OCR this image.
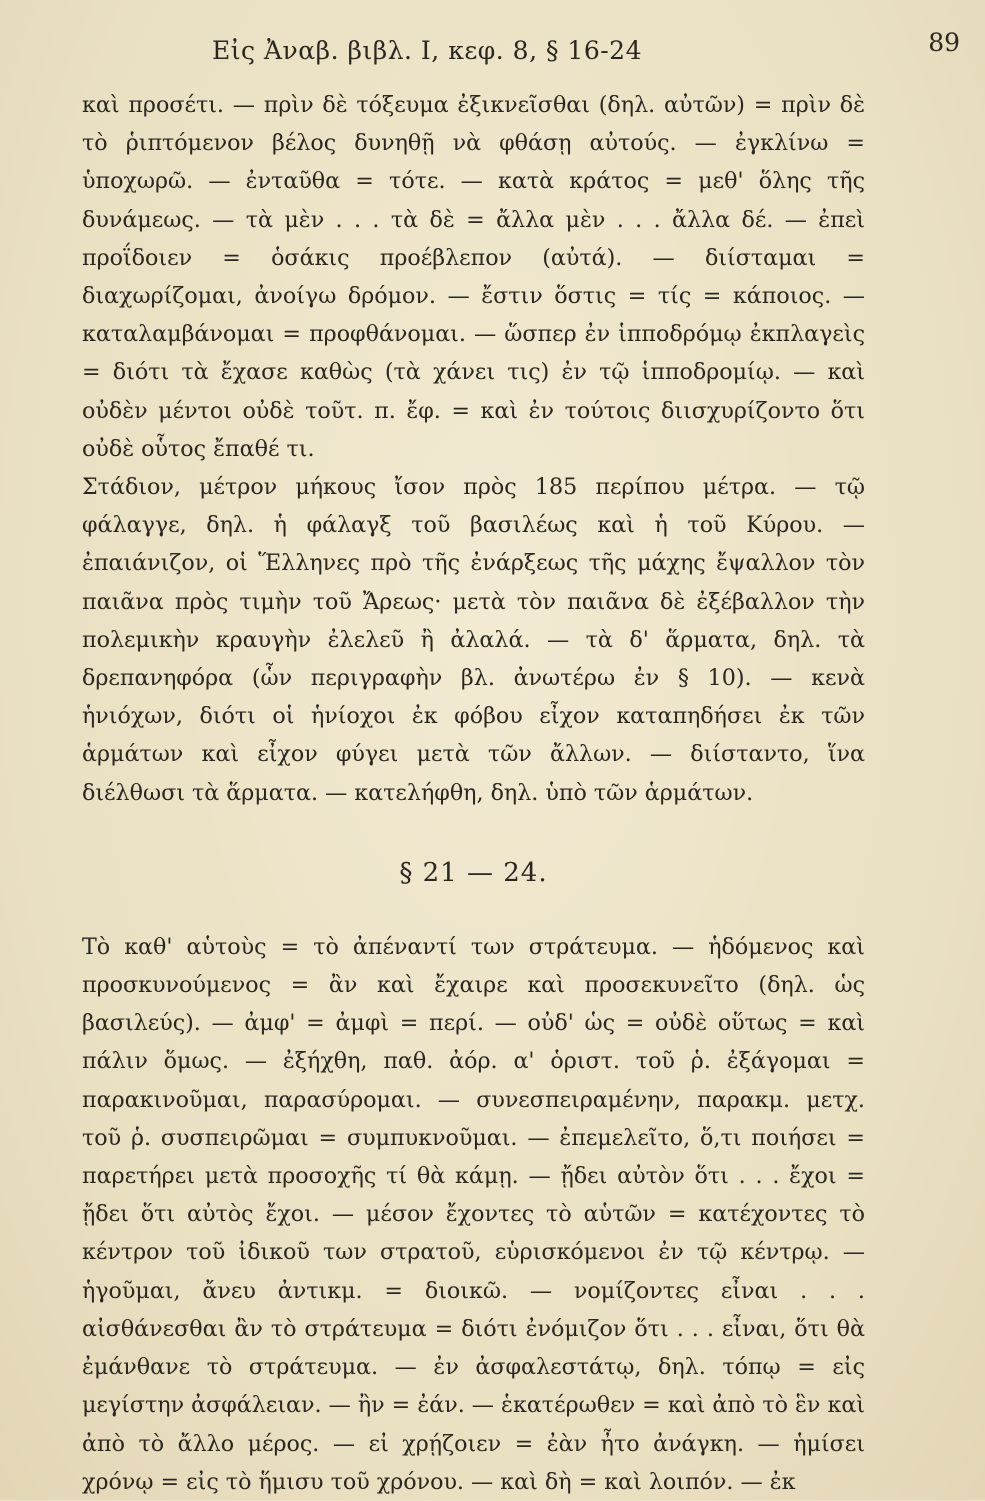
Εἰς Ἀναβ. βιβλ. I, κεφ. 8, § 16-24	89

καὶ προσέτι. — πρὶν δὲ τόξευμα ἐξικνεῖσθαι (δηλ. αὐτῶν) = πρὶν δὲ τὸ ῥιπτόμενον βέλος δυνηθῇ νὰ φθάσῃ αὐτούς. — ἐγκλίνω = ὑποχωρῶ. — ἐνταῦθα = τότε. — κατὰ κράτος = μεθ' ὅλης τῆς δυνάμεως. — τὰ μὲν . . . τὰ δὲ = ἄλλα μὲν . . . ἄλλα δέ. — ἐπεὶ προΐδοιεν = ὁσάκις προέβλεπον (αὐτά). — διίσταμαι = διαχωρίζομαι, ἀνοίγω δρόμον. — ἔστιν ὅστις = τίς = κάποιος. — καταλαμβάνομαι = προφθάνομαι. — ὥσπερ ἐν ἱπποδρόμῳ ἐκπλαγεὶς = διότι τὰ ἔχασε καθὼς (τὰ χάνει τις) ἐν τῷ ἱπποδρομίῳ. — καὶ οὐδὲν μέντοι οὐδὲ τοῦτ. π. ἔφ. = καὶ ἐν τούτοις διισχυρίζοντο ὅτι οὐδὲ οὗτος ἔπαθέ τι.

Στάδιον, μέτρον μήκους ἴσον πρὸς 185 περίπου μέτρα. — τῷ φάλαγγε, δηλ. ἡ φάλαγξ τοῦ βασιλέως καὶ ἡ τοῦ Κύρου. — ἐπαιάνιζον, οἱ Ἕλληνες πρὸ τῆς ἐνάρξεως τῆς μάχης ἔψαλλον τὸν παιᾶνα πρὸς τιμὴν τοῦ Ἄρεως· μετὰ τὸν παιᾶνα δὲ ἐξέβαλλον τὴν πολεμικὴν κραυγὴν ἐλελεῦ ἢ ἀλαλά. — τὰ δ' ἅρματα, δηλ. τὰ δρεπανηφόρα (ὧν περιγραφὴν βλ. ἀνωτέρω ἐν § 10). — κενὰ ἡνιόχων, διότι οἱ ἡνίοχοι ἐκ φόβου εἶχον καταπηδήσει ἐκ τῶν ἁρμάτων καὶ εἶχον φύγει μετὰ τῶν ἄλλων. — διίσταντο, ἵνα διέλθωσι τὰ ἅρματα. — κατελήφθη, δηλ. ὑπὸ τῶν ἁρμάτων.

§ 21 — 24.

Τὸ καθ' αὑτοὺς = τὸ ἀπέναντί των στράτευμα. — ἡδόμενος καὶ προσκυνούμενος = ἂν καὶ ἔχαιρε καὶ προσεκυνεῖτο (δηλ. ὡς βασιλεύς). — ἀμφ' = ἀμφὶ = περί. — οὐδ' ὡς = οὐδὲ οὕτως = καὶ πάλιν ὅμως. — ἐξήχθη, παθ. ἀόρ. α' ὁριστ. τοῦ ῥ. ἐξάγομαι = παρακινοῦμαι, παρασύρομαι. — συνεσπειραμένην, παρακμ. μετχ. τοῦ ῥ. συσπειρῶμαι = συμπυκνοῦμαι. — ἐπεμελεῖτο, ὅ,τι ποιήσει = παρετήρει μετὰ προσοχῆς τί θὰ κάμῃ. — ᾔδει αὐτὸν ὅτι . . . ἔχοι = ᾔδει ὅτι αὐτὸς ἔχοι. — μέσον ἔχοντες τὸ αὑτῶν = κατέχοντες τὸ κέντρον τοῦ ἰδικοῦ των στρατοῦ, εὑρισκόμενοι ἐν τῷ κέντρῳ. — ἡγοῦμαι, ἄνευ ἀντικμ. = διοικῶ. — νομίζοντες εἶναι . . . αἰσθάνεσθαι ἂν τὸ στράτευμα = διότι ἐνόμιζον ὅτι . . . εἶναι, ὅτι θὰ ἐμάνθανε τὸ στράτευμα. — ἐν ἀσφαλεστάτῳ, δηλ. τόπῳ = εἰς μεγίστην ἀσφάλειαν. — ἢν = ἐάν. — ἑκατέρωθεν = καὶ ἀπὸ τὸ ἓν καὶ ἀπὸ τὸ ἄλλο μέρος. — εἰ χρῄζοιεν = ἐὰν ἦτο ἀνάγκη. — ἡμίσει χρόνῳ = εἰς τὸ ἥμισυ τοῦ χρόνου. — καὶ δὴ = καὶ λοιπόν. — ἐκ
